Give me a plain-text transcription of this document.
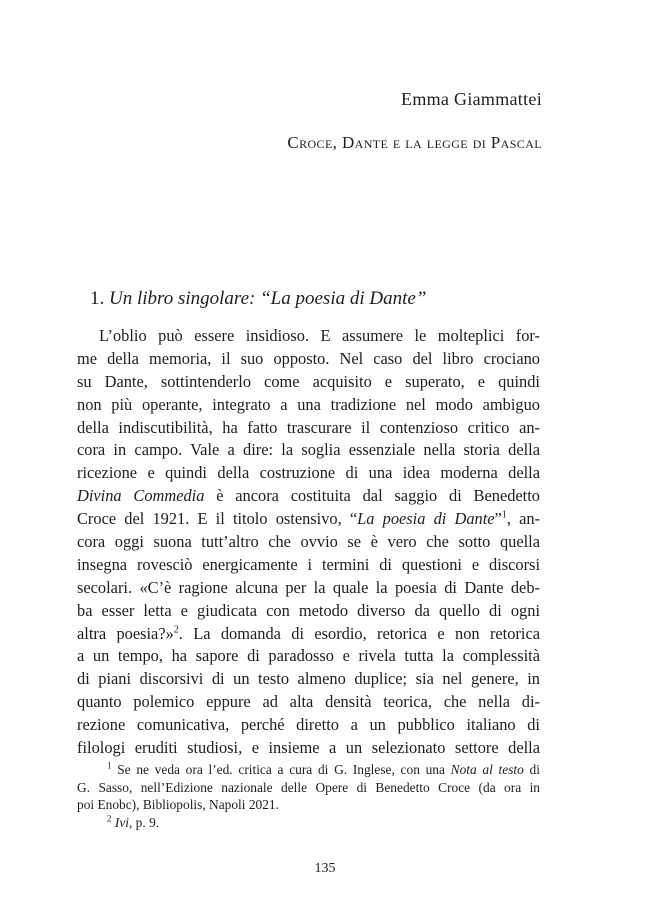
Emma Giammattei
Croce, Dante e la legge di Pascal
1. Un libro singolare: “La poesia di Dante”
L’oblio può essere insidioso. E assumere le molteplici for-
me della memoria, il suo opposto. Nel caso del libro crociano
su Dante, sottintenderlo come acquisito e superato, e quindi
non più operante, integrato a una tradizione nel modo ambiguo
della indiscutibilità, ha fatto trascurare il contenzioso critico an-
cora in campo. Vale a dire: la soglia essenziale nella storia della
ricezione e quindi della costruzione di una idea moderna della
Divina Commedia è ancora costituita dal saggio di Benedetto
Croce del 1921. E il titolo ostensivo, “La poesia di Dante”$^1$, an-
cora oggi suona tutt’altro che ovvio se è vero che sotto quella
insegna rovesciò energicamente i termini di questioni e discorsi
secolari. «C’è ragione alcuna per la quale la poesia di Dante deb-
ba esser letta e giudicata con metodo diverso da quello di ogni
altra poesia?»$^2$. La domanda di esordio, retorica e non retorica
a un tempo, ha sapore di paradosso e rivela tutta la complessità
di piani discorsivi di un testo almeno duplice; sia nel genere, in
quanto polemico eppure ad alta densità teorica, che nella di-
rezione comunicativa, perché diretto a un pubblico italiano di
filologi eruditi studiosi, e insieme a un selezionato settore della
$^1$ Se ne veda ora l’ed. critica a cura di G. Inglese, con una Nota al testo di
G. Sasso, nell’Edizione nazionale delle Opere di Benedetto Croce (da ora in
poi Enobc), Bibliopolis, Napoli 2021.
$^2$ Ivi, p. 9.
135
